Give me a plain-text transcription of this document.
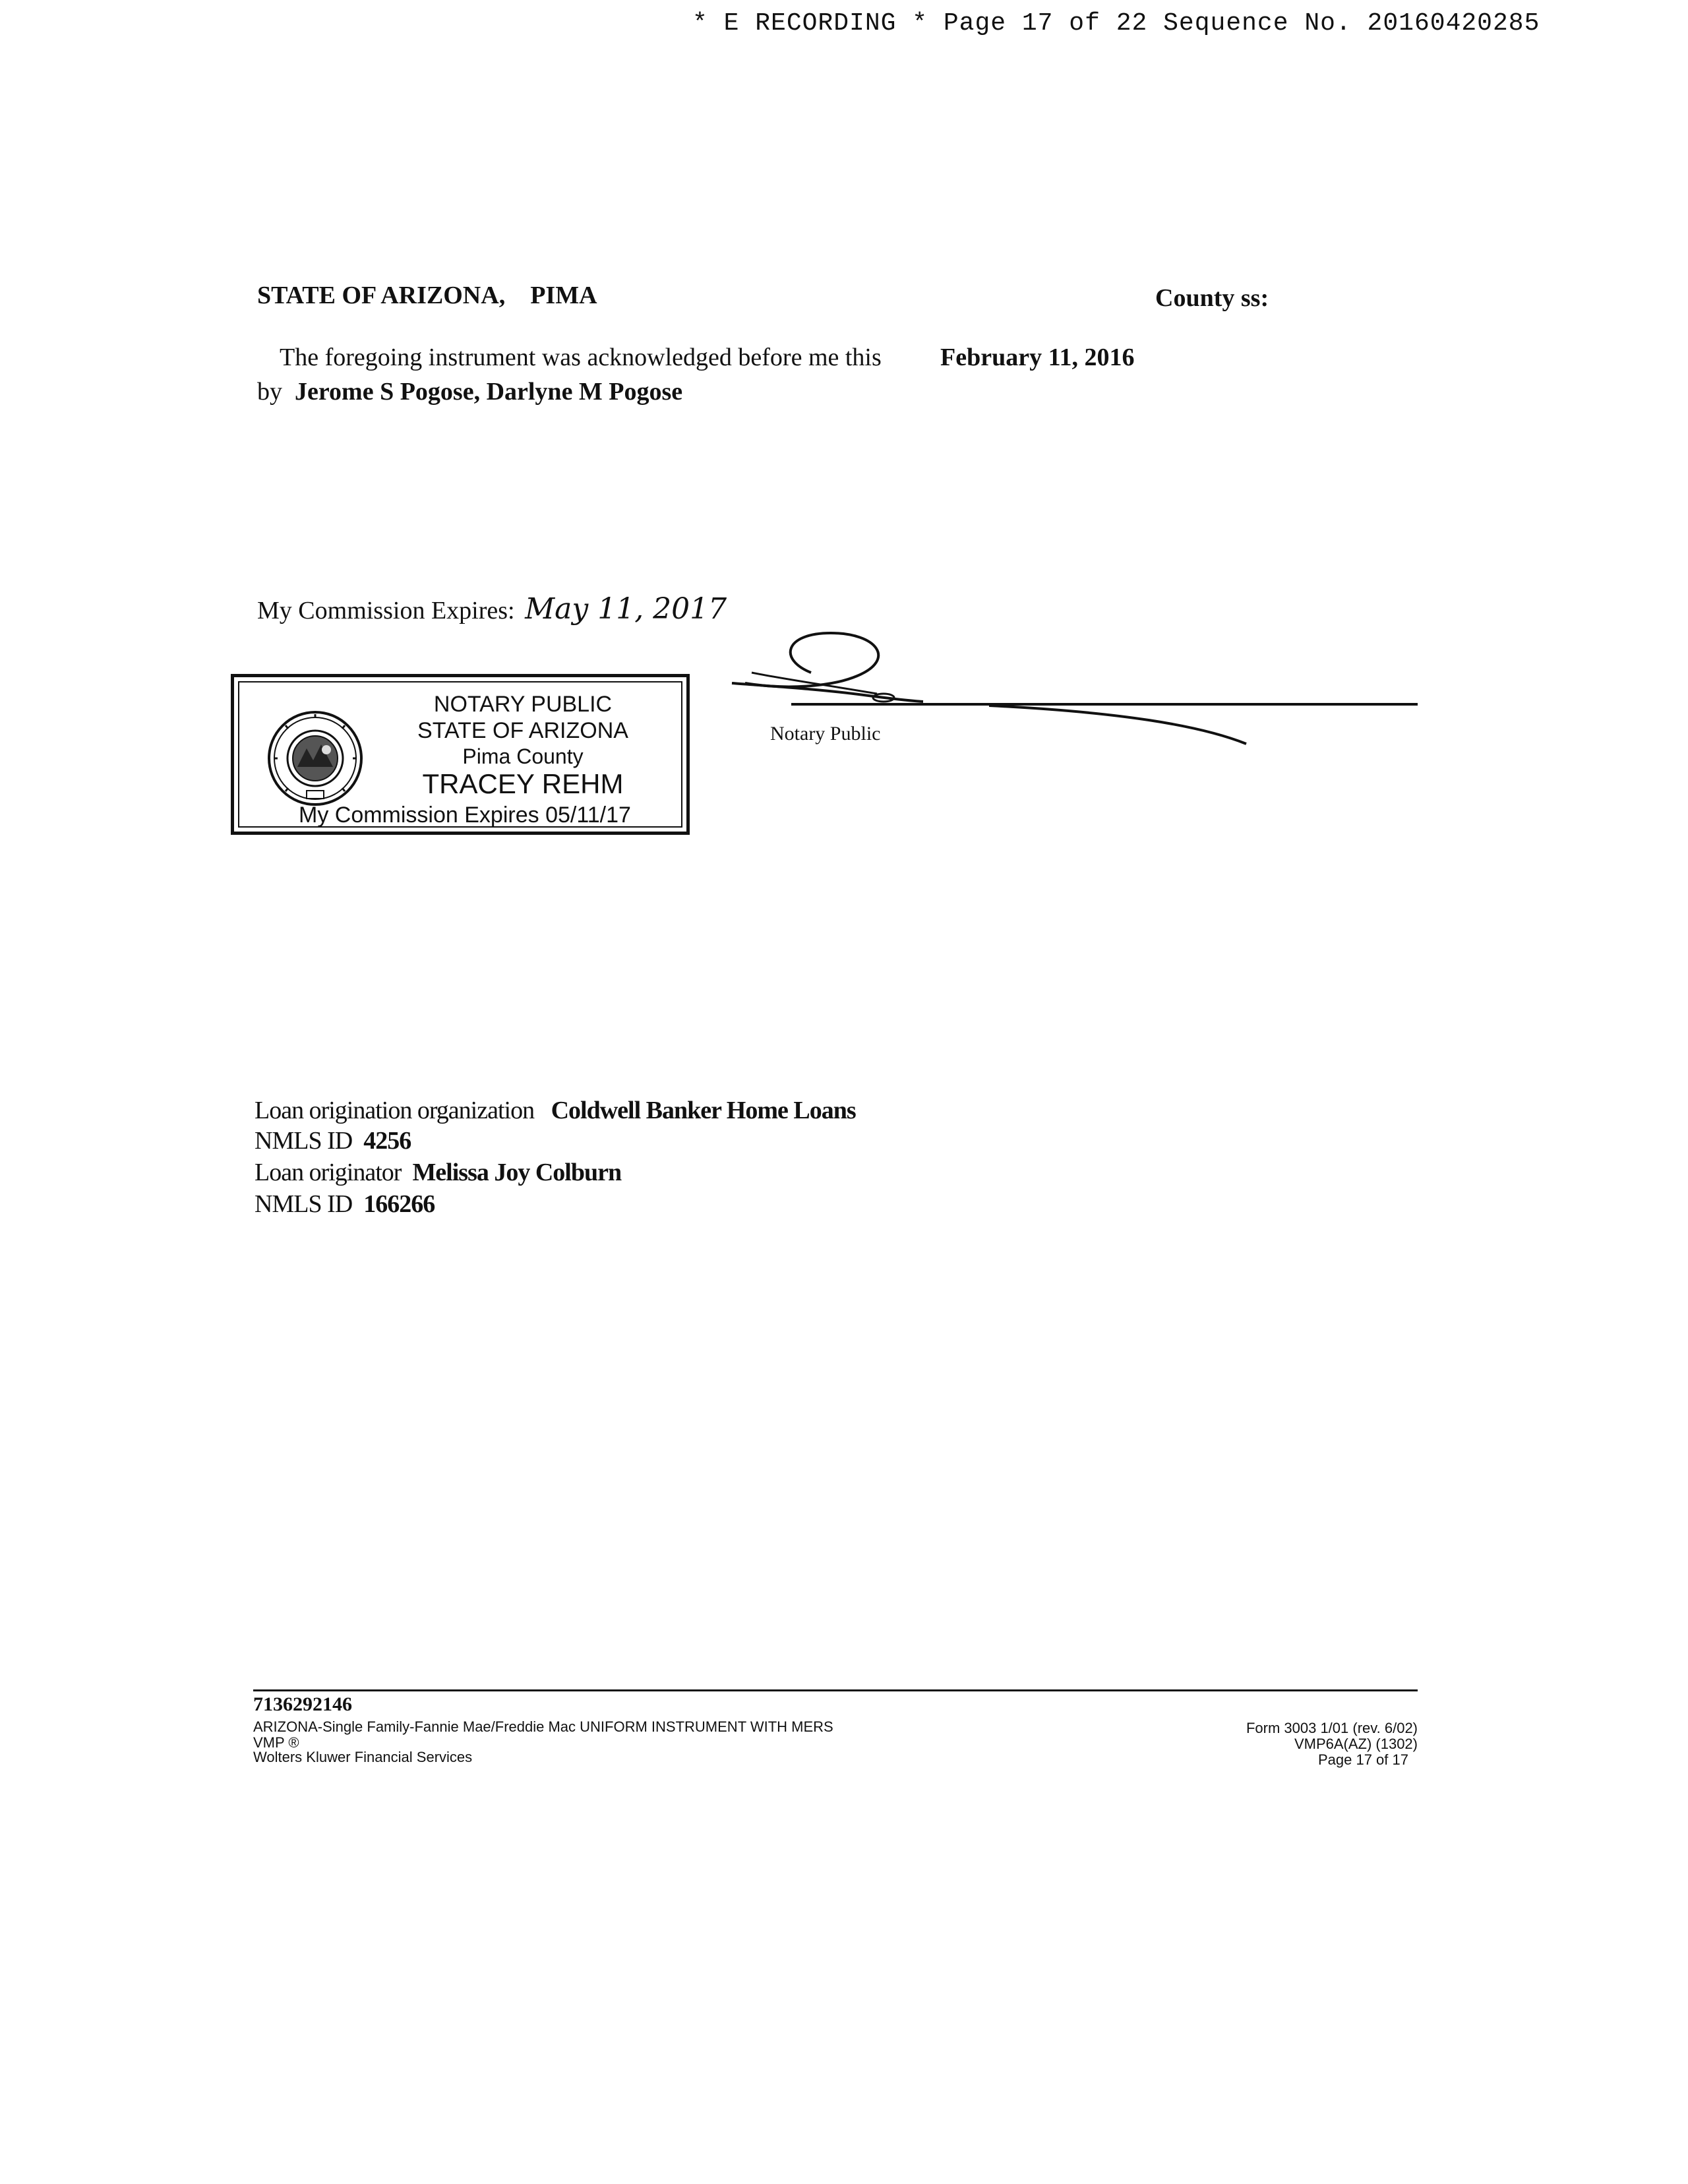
* E RECORDING * Page 17 of 22 Sequence No. 20160420285
STATE OF ARIZONA, PIMA	County ss:
The foregoing instrument was acknowledged before me this February 11, 2016
by Jerome S Pogose, Darlyne M Pogose
My Commission Expires: May 11, 2017
NOTARY PUBLIC
STATE OF ARIZONA
Pima County
TRACEY REHM
My Commission Expires 05/11/17
Notary Public
Loan origination organization Coldwell Banker Home Loans
NMLS ID 4256
Loan originator Melissa Joy Colburn
NMLS ID 166266
7136292146
ARIZONA-Single Family-Fannie Mae/Freddie Mac UNIFORM INSTRUMENT WITH MERS
VMP ®
Wolters Kluwer Financial Services
Form 3003 1/01 (rev. 6/02)
VMP6A(AZ) (1302)
Page 17 of 17
